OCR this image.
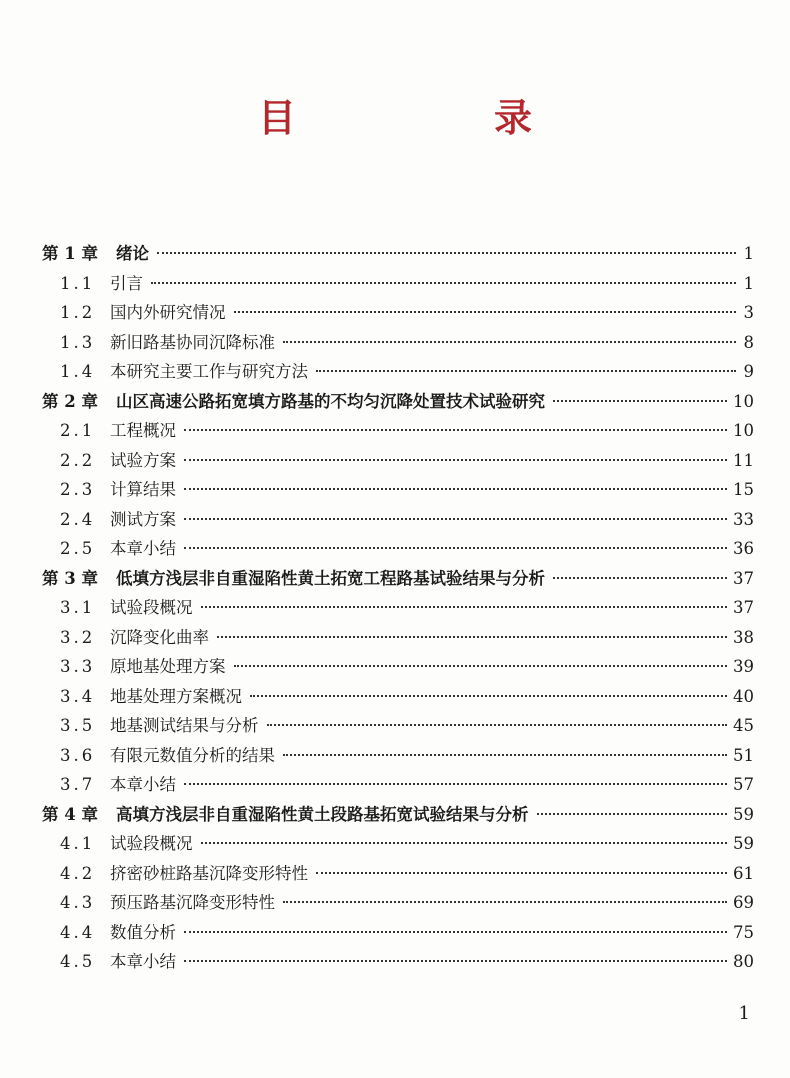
目　录
第 1 章	绪论	1
1.1 引言	1
1.2 国内外研究情况	3
1.3 新旧路基协同沉降标准	8
1.4 本研究主要工作与研究方法	9
第 2 章	山区高速公路拓宽填方路基的不均匀沉降处置技术试验研究	10
2.1 工程概况	10
2.2 试验方案	11
2.3 计算结果	15
2.4 测试方案	33
2.5 本章小结	36
第 3 章	低填方浅层非自重湿陷性黄土拓宽工程路基试验结果与分析	37
3.1 试验段概况	37
3.2 沉降变化曲率	38
3.3 原地基处理方案	39
3.4 地基处理方案概况	40
3.5 地基测试结果与分析	45
3.6 有限元数值分析的结果	51
3.7 本章小结	57
第 4 章	高填方浅层非自重湿陷性黄土段路基拓宽试验结果与分析	59
4.1 试验段概况	59
4.2 挤密砂桩路基沉降变形特性	61
4.3 预压路基沉降变形特性	69
4.4 数值分析	75
4.5 本章小结	80
1
